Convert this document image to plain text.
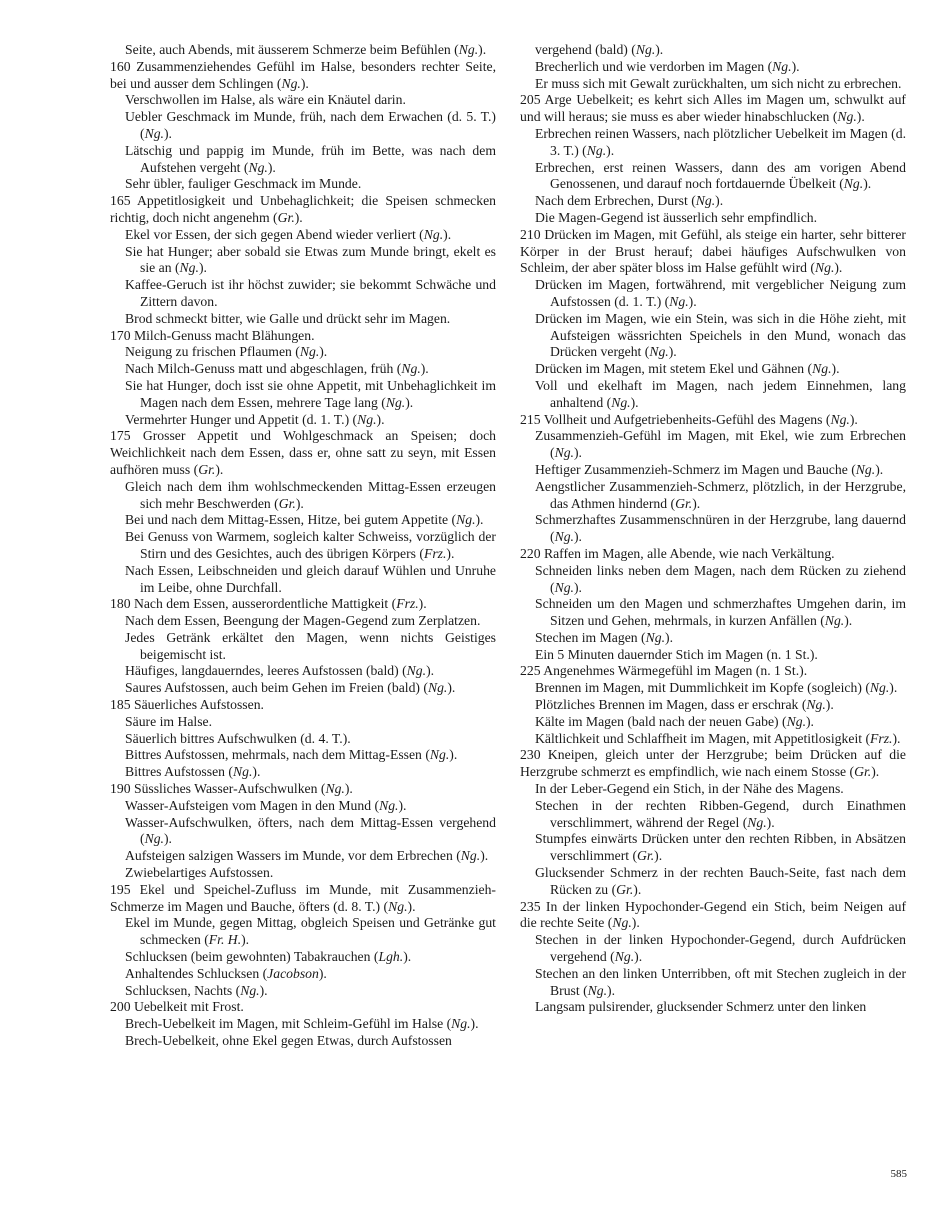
Seite, auch Abends, mit äusserem Schmerze beim Befühlen (Ng.).

160 Zusammenziehendes Gefühl im Halse, besonders rechter Seite, bei und ausser dem Schlingen (Ng.).

Verschwollen im Halse, als wäre ein Knäutel darin.

Uebler Geschmack im Munde, früh, nach dem Erwachen (d. 5. T.) (Ng.).

Lätschig und pappig im Munde, früh im Bette, was nach dem Aufstehen vergeht (Ng.).

Sehr übler, fauliger Geschmack im Munde.

165 Appetitlosigkeit und Unbehaglichkeit; die Speisen schmecken richtig, doch nicht angenehm (Gr.).

Ekel vor Essen, der sich gegen Abend wieder verliert (Ng.).

Sie hat Hunger; aber sobald sie Etwas zum Munde bringt, ekelt es sie an (Ng.).

Kaffee-Geruch ist ihr höchst zuwider; sie bekommt Schwäche und Zittern davon.

Brod schmeckt bitter, wie Galle und drückt sehr im Magen.

170 Milch-Genuss macht Blähungen.

Neigung zu frischen Pflaumen (Ng.).

Nach Milch-Genuss matt und abgeschlagen, früh (Ng.).

Sie hat Hunger, doch isst sie ohne Appetit, mit Unbehaglichkeit im Magen nach dem Essen, mehrere Tage lang (Ng.).

Vermehrter Hunger und Appetit (d. 1. T.) (Ng.).

175 Grosser Appetit und Wohlgeschmack an Speisen; doch Weichlichkeit nach dem Essen, dass er, ohne satt zu seyn, mit Essen aufhören muss (Gr.).

Gleich nach dem ihm wohlschmeckenden Mittag-Essen erzeugen sich mehr Beschwerden (Gr.).

Bei und nach dem Mittag-Essen, Hitze, bei gutem Appetite (Ng.).

Bei Genuss von Warmem, sogleich kalter Schweiss, vorzüglich der Stirn und des Gesichtes, auch des übrigen Körpers (Frz.).

Nach Essen, Leibschneiden und gleich darauf Wühlen und Unruhe im Leibe, ohne Durchfall.

180 Nach dem Essen, ausserordentliche Mattigkeit (Frz.).

Nach dem Essen, Beengung der Magen-Gegend zum Zerplatzen.

Jedes Getränk erkältet den Magen, wenn nichts Geistiges beigemischt ist.

Häufiges, langdauerndes, leeres Aufstossen (bald) (Ng.).

Saures Aufstossen, auch beim Gehen im Freien (bald) (Ng.).

185 Säuerliches Aufstossen.

Säure im Halse.

Säuerlich bittres Aufschwulken (d. 4. T.).

Bittres Aufstossen, mehrmals, nach dem Mittag-Essen (Ng.).

Bittres Aufstossen (Ng.).

190 Süssliches Wasser-Aufschwulken (Ng.).

Wasser-Aufsteigen vom Magen in den Mund (Ng.).

Wasser-Aufschwulken, öfters, nach dem Mittag-Essen vergehend (Ng.).

Aufsteigen salzigen Wassers im Munde, vor dem Erbrechen (Ng.).

Zwiebelartiges Aufstossen.

195 Ekel und Speichel-Zufluss im Munde, mit Zusammenzieh-Schmerze im Magen und Bauche, öfters (d. 8. T.) (Ng.).

Ekel im Munde, gegen Mittag, obgleich Speisen und Getränke gut schmecken (Fr. H.).

Schlucksen (beim gewohnten) Tabakrauchen (Lgh.).

Anhaltendes Schlucksen (Jacobson).

Schlucksen, Nachts (Ng.).

200 Uebelkeit mit Frost.

Brech-Uebelkeit im Magen, mit Schleim-Gefühl im Halse (Ng.).

Brech-Uebelkeit, ohne Ekel gegen Etwas, durch Aufstossen

vergehend (bald) (Ng.).

Brecherlich und wie verdorben im Magen (Ng.).

Er muss sich mit Gewalt zurückhalten, um sich nicht zu erbrechen.

205 Arge Uebelkeit; es kehrt sich Alles im Magen um, schwulkt auf und will heraus; sie muss es aber wieder hinabschlucken (Ng.).

Erbrechen reinen Wassers, nach plötzlicher Uebelkeit im Magen (d. 3. T.) (Ng.).

Erbrechen, erst reinen Wassers, dann des am vorigen Abend Genossenen, und darauf noch fortdauernde Übelkeit (Ng.).

Nach dem Erbrechen, Durst (Ng.).

Die Magen-Gegend ist äusserlich sehr empfindlich.

210 Drücken im Magen, mit Gefühl, als steige ein harter, sehr bitterer Körper in der Brust herauf; dabei häufiges Aufschwulken von Schleim, der aber später bloss im Halse gefühlt wird (Ng.).

Drücken im Magen, fortwährend, mit vergeblicher Neigung zum Aufstossen (d. 1. T.) (Ng.).

Drücken im Magen, wie ein Stein, was sich in die Höhe zieht, mit Aufsteigen wässrichten Speichels in den Mund, wonach das Drücken vergeht (Ng.).

Drücken im Magen, mit stetem Ekel und Gähnen (Ng.).

Voll und ekelhaft im Magen, nach jedem Einnehmen, lang anhaltend (Ng.).

215 Vollheit und Aufgetriebenheits-Gefühl des Magens (Ng.).

Zusammenzieh-Gefühl im Magen, mit Ekel, wie zum Erbrechen (Ng.).

Heftiger Zusammenzieh-Schmerz im Magen und Bauche (Ng.).

Aengstlicher Zusammenzieh-Schmerz, plötzlich, in der Herzgrube, das Athmen hindernd (Gr.).

Schmerzhaftes Zusammenschnüren in der Herzgrube, lang dauernd (Ng.).

220 Raffen im Magen, alle Abende, wie nach Verkältung.

Schneiden links neben dem Magen, nach dem Rücken zu ziehend (Ng.).

Schneiden um den Magen und schmerzhaftes Umgehen darin, im Sitzen und Gehen, mehrmals, in kurzen Anfällen (Ng.).

Stechen im Magen (Ng.).

Ein 5 Minuten dauernder Stich im Magen (n. 1 St.).

225 Angenehmes Wärmegefühl im Magen (n. 1 St.).

Brennen im Magen, mit Dummlichkeit im Kopfe (sogleich) (Ng.).

Plötzliches Brennen im Magen, dass er erschrak (Ng.).

Kälte im Magen (bald nach der neuen Gabe) (Ng.).

Kältlichkeit und Schlaffheit im Magen, mit Appetitlosigkeit (Frz.).

230 Kneipen, gleich unter der Herzgrube; beim Drücken auf die Herzgrube schmerzt es empfindlich, wie nach einem Stosse (Gr.).

In der Leber-Gegend ein Stich, in der Nähe des Magens.

Stechen in der rechten Ribben-Gegend, durch Einathmen verschlimmert, während der Regel (Ng.).

Stumpfes einwärts Drücken unter den rechten Ribben, in Absätzen verschlimmert (Gr.).

Glucksender Schmerz in der rechten Bauch-Seite, fast nach dem Rücken zu (Gr.).

235 In der linken Hypochonder-Gegend ein Stich, beim Neigen auf die rechte Seite (Ng.).

Stechen in der linken Hypochonder-Gegend, durch Aufdrücken vergehend (Ng.).

Stechen an den linken Unterribben, oft mit Stechen zugleich in der Brust (Ng.).

Langsam pulsirender, glucksender Schmerz unter den linken

585
